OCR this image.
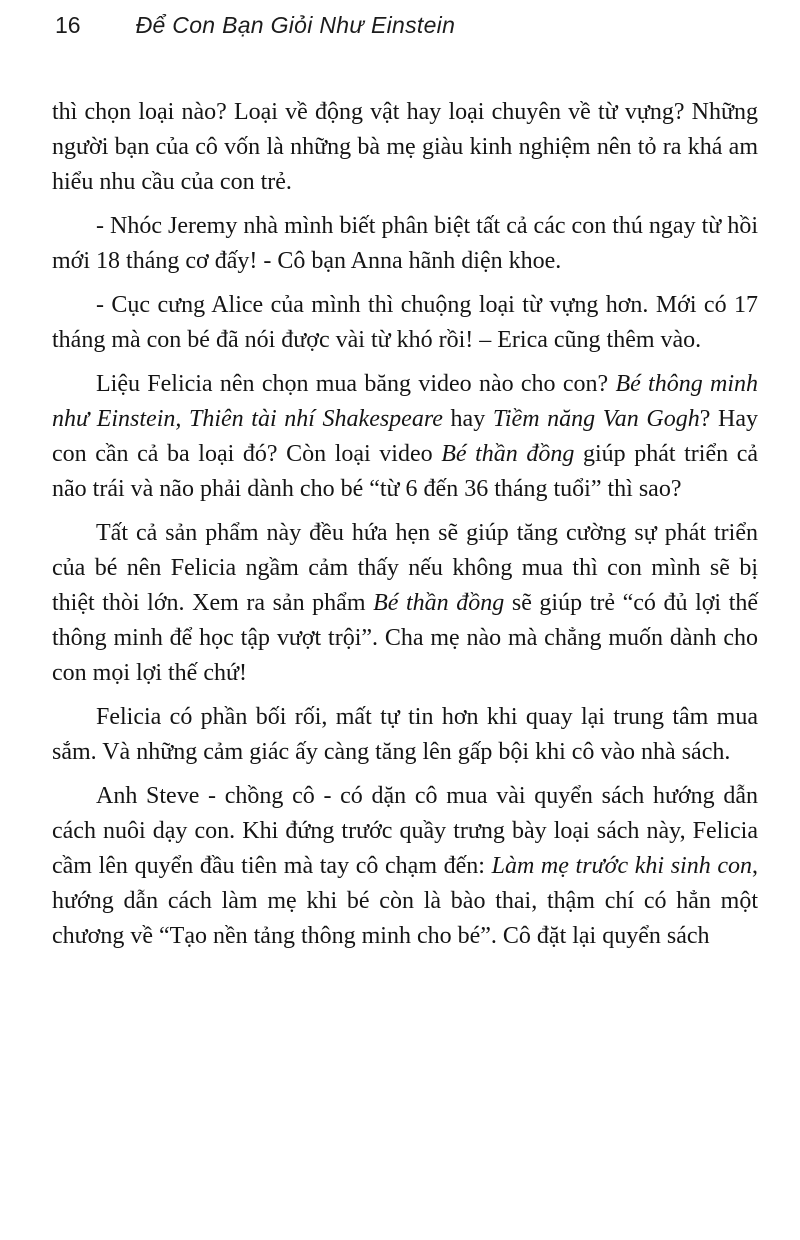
16 Để Con Bạn Giỏi Như Einstein

thì chọn loại nào? Loại về động vật hay loại chuyên về từ vựng? Những người bạn của cô vốn là những bà mẹ giàu kinh nghiệm nên tỏ ra khá am hiểu nhu cầu của con trẻ.

- Nhóc Jeremy nhà mình biết phân biệt tất cả các con thú ngay từ hồi mới 18 tháng cơ đấy! - Cô bạn Anna hãnh diện khoe.

- Cục cưng Alice của mình thì chuộng loại từ vựng hơn. Mới có 17 tháng mà con bé đã nói được vài từ khó rồi! – Erica cũng thêm vào.

Liệu Felicia nên chọn mua băng video nào cho con? Bé thông minh như Einstein, Thiên tài nhí Shakespeare hay Tiềm năng Van Gogh? Hay con cần cả ba loại đó? Còn loại video Bé thần đồng giúp phát triển cả não trái và não phải dành cho bé “từ 6 đến 36 tháng tuổi” thì sao?

Tất cả sản phẩm này đều hứa hẹn sẽ giúp tăng cường sự phát triển của bé nên Felicia ngầm cảm thấy nếu không mua thì con mình sẽ bị thiệt thòi lớn. Xem ra sản phẩm Bé thần đồng sẽ giúp trẻ “có đủ lợi thế thông minh để học tập vượt trội”. Cha mẹ nào mà chẳng muốn dành cho con mọi lợi thế chứ!

Felicia có phần bối rối, mất tự tin hơn khi quay lại trung tâm mua sắm. Và những cảm giác ấy càng tăng lên gấp bội khi cô vào nhà sách.

Anh Steve - chồng cô - có dặn cô mua vài quyển sách hướng dẫn cách nuôi dạy con. Khi đứng trước quầy trưng bày loại sách này, Felicia cầm lên quyển đầu tiên mà tay cô chạm đến: Làm mẹ trước khi sinh con, hướng dẫn cách làm mẹ khi bé còn là bào thai, thậm chí có hẳn một chương về “Tạo nền tảng thông minh cho bé”. Cô đặt lại quyển sách
